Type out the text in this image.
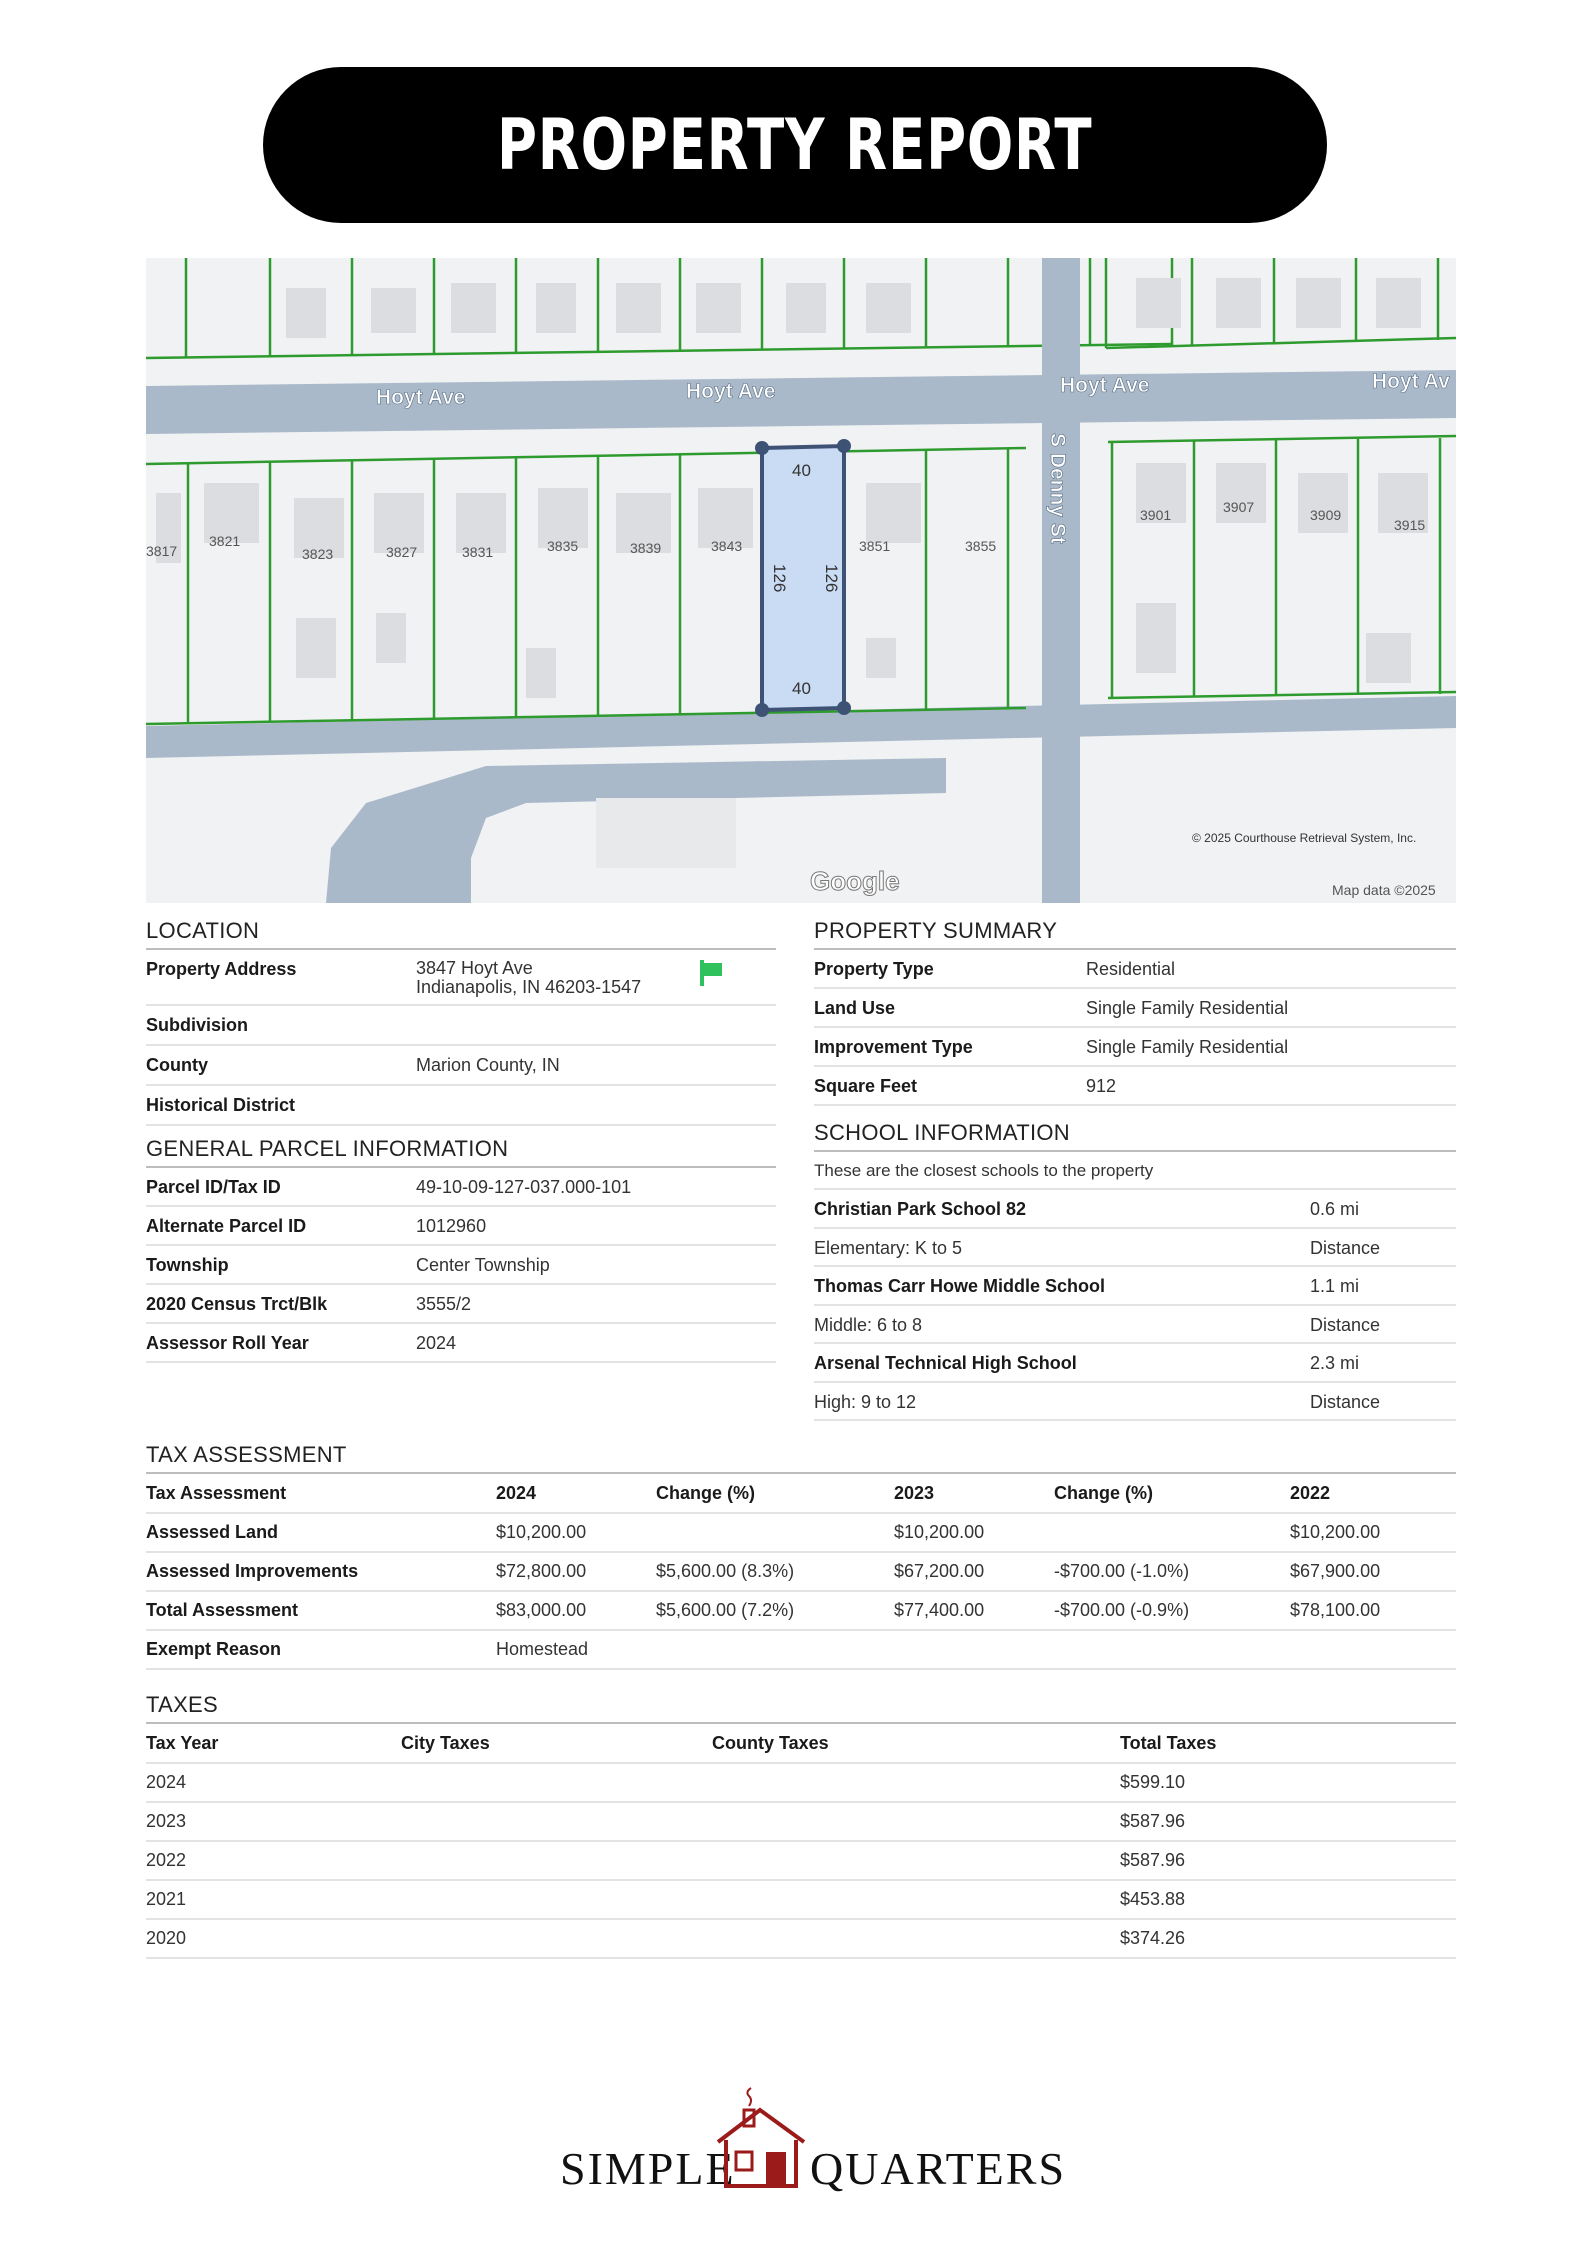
PROPERTY REPORT
Hoyt Ave	Hoyt Ave	Hoyt Ave	Hoyt Av
S Denny St
3817
3821
3823	3827	3831	3835	3839	3843	3851	3855
3901	3907	3909
3915
40
40
126 126
© 2025 Courthouse Retrieval System, Inc.
Google	Map data ©2025
LOCATION
Property Address	3847 Hoyt Ave
Indianapolis, IN 46203-1547
Subdivision
County	Marion County, IN
Historical District
GENERAL PARCEL INFORMATION
Parcel ID/Tax ID	49-10-09-127-037.000-101
Alternate Parcel ID	1012960
Township	Center Township
2020 Census Trct/Blk	3555/2
Assessor Roll Year	2024
PROPERTY SUMMARY
Property Type	Residential
Land Use	Single Family Residential
Improvement Type	Single Family Residential
Square Feet	912
SCHOOL INFORMATION
These are the closest schools to the property
Christian Park School 82	0.6 mi
Elementary: K to 5	Distance
Thomas Carr Howe Middle School	1.1 mi
Middle: 6 to 8	Distance
Arsenal Technical High School	2.3 mi
High: 9 to 12	Distance
TAX ASSESSMENT
Tax Assessment	2024	Change (%)	2023	Change (%)	2022
Assessed Land	$10,200.00		$10,200.00		$10,200.00
Assessed Improvements	$72,800.00	$5,600.00 (8.3%)	$67,200.00	-$700.00 (-1.0%)	$67,900.00
Total Assessment	$83,000.00	$5,600.00 (7.2%)	$77,400.00	-$700.00 (-0.9%)	$78,100.00
Exempt Reason	Homestead				
TAXES
Tax Year	City Taxes	County Taxes	Total Taxes
2024			$599.10
2023			$587.96
2022			$587.96
2021			$453.88
2020			$374.26
SIMPLE QUARTERS
